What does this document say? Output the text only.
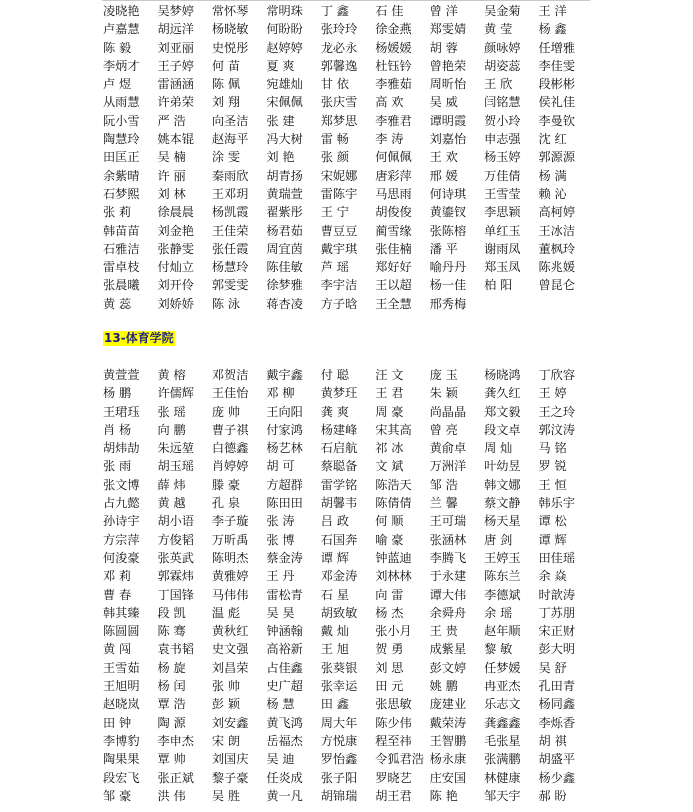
凌晓艳	吴梦婷	常怀琴	常明珠	丁 鑫	石 佳	曾 洋	吴金菊	王 洋
卢嘉慧	胡远洋	杨晓敏	何盼盼	张玲玲	徐金燕	郑雯婧	黄 莹	杨 鑫
陈 毅	刘亚丽	史悦彤	赵婷婷	龙必永	杨媛媛	胡 蓉	颜咏婷	任增雅
李炳才	王子婷	何 苗	夏 爽	郭馨逸	杜钰钤	曾艳荣	胡姿蕊	李佳雯
卢 煜	雷涵涵	陈 佩	宛雄灿	甘 依	李雅茹	周昕怡	王 欣	段彬彬
从雨慧	许弟荣	刘 翔	宋佩佩	张庆雪	高 欢	吴 威	闫铭慧	侯礼佳
阮小雪	严 浩	向圣洁	张 建	郑梦思	李雅君	谭明霞	贺小玲	李曼钦
陶慧玲	姚本锟	赵海平	冯大树	雷 畅	李 涛	刘嘉怡	申志强	沈 红
田匡正	吴 楠	涂 雯	刘 艳	张 颜	何佩佩	王 欢	杨玉婷	郭源源
余紫晴	许 丽	秦雨欣	胡青扬	宋妮娜	唐彩萍	邢 媛	万佳倩	杨 满
石梦熙	刘 林	王邓玥	黄瑞萱	雷陈宇	马思雨	何诗琪	王雪莹	赖 沁
张 莉	徐晨晨	杨凯霞	翟紫彤	王 宁	胡俊俊	黄鎏钗	李思颖	高柯婷
韩苗苗	刘金艳	王佳荣	杨君茹	曹豆豆	蔺雪缘	张陈榕	单红玉	王冰洁
石雅洁	张静雯	张任霞	周宜茵	戴宇琪	张佳楠	潘 平	谢雨凤	董枫玲
雷卓枝	付灿立	杨慧玲	陈佳敏	芦 瑶	郑好好	喻丹丹	郑玉凤	陈兆媛
张晨曦	刘开伶	郭雯雯	徐梦雅	李宇洁	王以超	杨一佳	柏 阳	曾昆仑
黄 蕊	刘娇娇	陈 泳	蒋杏凌	方子晗	王全慧	邢秀梅
13-体育学院
黄萱萱	黄 榕	邓贺洁	戴宇鑫	付 聪	汪 文	庞 玉	杨晓鸿	丁欣容
杨 鹏	许儒辉	王佳怡	邓 柳	黄梦玨	王 君	朱 颖	龚久红	王 婷
王珺珏	张 瑶	庞 帅	王向阳	龚 爽	周 豪	尚晶晶	郑文毅	王之玲
肖 杨	向 鹏	曹子祺	付家鸿	杨建峰	宋其高	曾 亮	段文卓	郭汶涛
胡炜劼	朱远堃	白德鑫	杨艺林	石启航	祁 冰	黄俞卓	周 灿	马 铭
张 雨	胡玉瑶	肖婷婷	胡 可	蔡聪备	文 斌	万洲洋	叶幼昱	罗 锐
张文博	薛 炜	滕 豪	方超群	雷学铭	陈浩天	邹 浩	韩文娜	王 恒
占九懿	黄 越	孔 泉	陈田田	胡馨韦	陈倩倩	兰 馨	蔡文静	韩乐宇
孙诗宇	胡小语	李子璇	张 涛	吕 政	何 顺	王可瑞	杨天星	谭 松
方宗萍	方俊韬	万昕禹	张 博	石国奔	喻 豪	张涵林	唐 剑	谭 辉
何浚豪	张英武	陈明杰	蔡金涛	谭 辉	钟蓝迪	李腾飞	王婷玉	田佳瑶
邓 莉	郭霖炜	黄雅婷	王 丹	邓金涛	刘林林	于永建	陈东兰	余 焱
曹 春	丁国锋	马伟伟	雷松青	石 星	向 雷	谭大伟	李德斌	时歆涛
韩其臻	段 凯	温 彪	吴 昊	胡致敏	杨 杰	余舜舟	余 瑶	丁苏朋
陈圆圆	陈 骞	黄秋红	钟涵翰	戴 灿	张小月	王 贵	赵年顺	宋正财
黄 闯	袁书韬	史文强	高裕新	王 旭	贺 勇	成紫星	黎 敏	彭大明
王雪茹	杨 旋	刘昌荣	占佳鑫	张葵银	刘 思	彭文婷	任梦媛	吴 舒
王旭明	杨 闰	张 帅	史广超	张幸运	田 元	姚 鹏	冉亚杰	孔田青
赵晓岚	覃 浩	彭 颖	杨 慧	田 鑫	张思敏	庞建业	乐志文	杨同鑫
田 钟	陶 源	刘安鑫	黄飞鸿	周大年	陈少伟	戴荣涛	龚鑫鑫	李烁香
李博豹	李申杰	宋 朗	岳福杰	方悦康	程至祎	王智鹏	毛张星	胡 祺
陶果果	覃 帅	刘国庆	吴 迪	罗怡鑫	令狐君浩 杨永康	张满鹏	胡盛平
段宏飞	张正斌	黎子豪	任炎成	张子阳	罗晓艺	庄安国	林健康	杨少鑫
邹 豪	洪 伟	吴 胜	黄一凡	胡锦瑞	胡王君	陈 艳	邹天宇	郝 盼
